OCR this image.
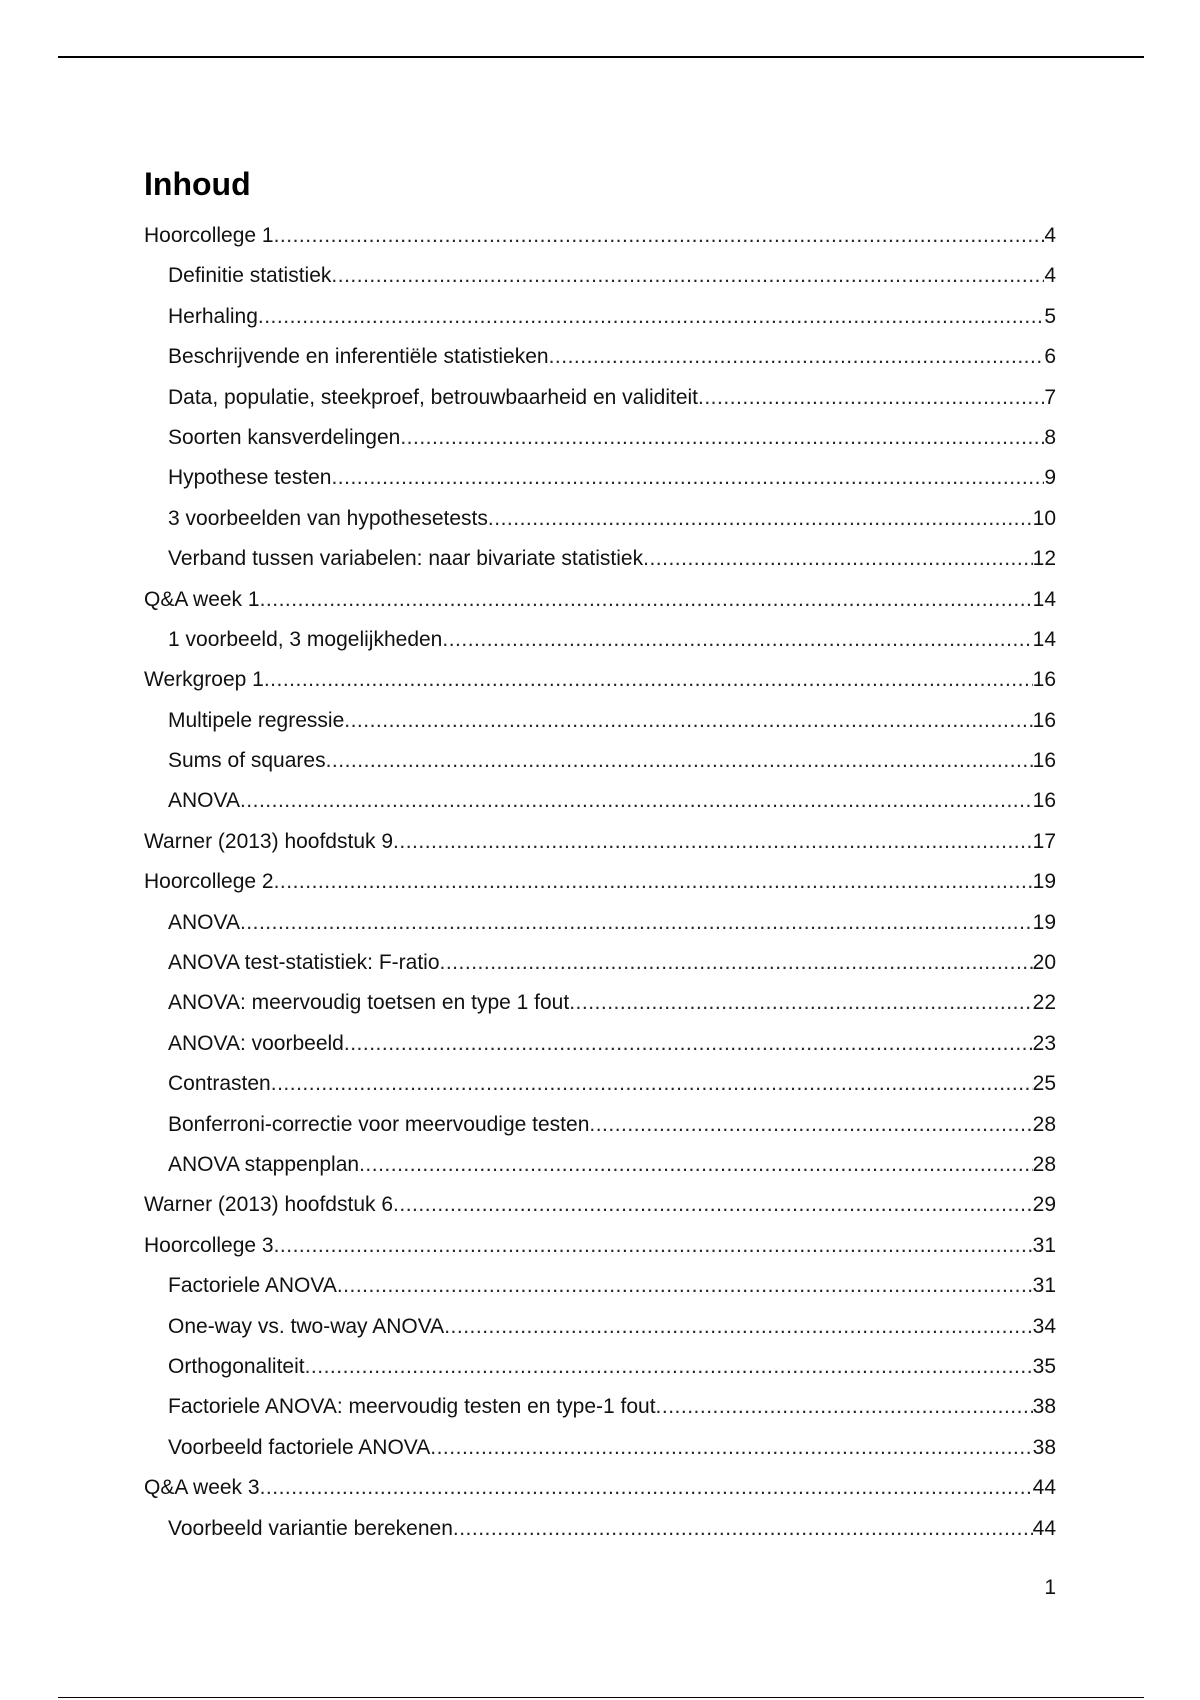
Inhoud
Hoorcollege 1 .....	4
Definitie statistiek .....	4
Herhaling .....	5
Beschrijvende en inferentiële statistieken .....	6
Data, populatie, steekproef, betrouwbaarheid en validiteit .....	7
Soorten kansverdelingen .....	8
Hypothese testen .....	9
3 voorbeelden van hypothesetests .....	10
Verband tussen variabelen: naar bivariate statistiek .....	12
Q&A week 1 .....	14
1 voorbeeld, 3 mogelijkheden .....	14
Werkgroep 1 .....	16
Multipele regressie .....	16
Sums of squares .....	16
ANOVA .....	16
Warner (2013) hoofdstuk 9 .....	17
Hoorcollege 2 .....	19
ANOVA .....	19
ANOVA test-statistiek: F-ratio .....	20
ANOVA: meervoudig toetsen en type 1 fout .....	22
ANOVA: voorbeeld .....	23
Contrasten .....	25
Bonferroni-correctie voor meervoudige testen .....	28
ANOVA stappenplan .....	28
Warner (2013) hoofdstuk 6 .....	29
Hoorcollege 3 .....	31
Factoriele ANOVA .....	31
One-way vs. two-way ANOVA .....	34
Orthogonaliteit .....	35
Factoriele ANOVA: meervoudig testen en type-1 fout .....	38
Voorbeeld factoriele ANOVA .....	38
Q&A week 3 .....	44
Voorbeeld variantie berekenen .....	44
1
